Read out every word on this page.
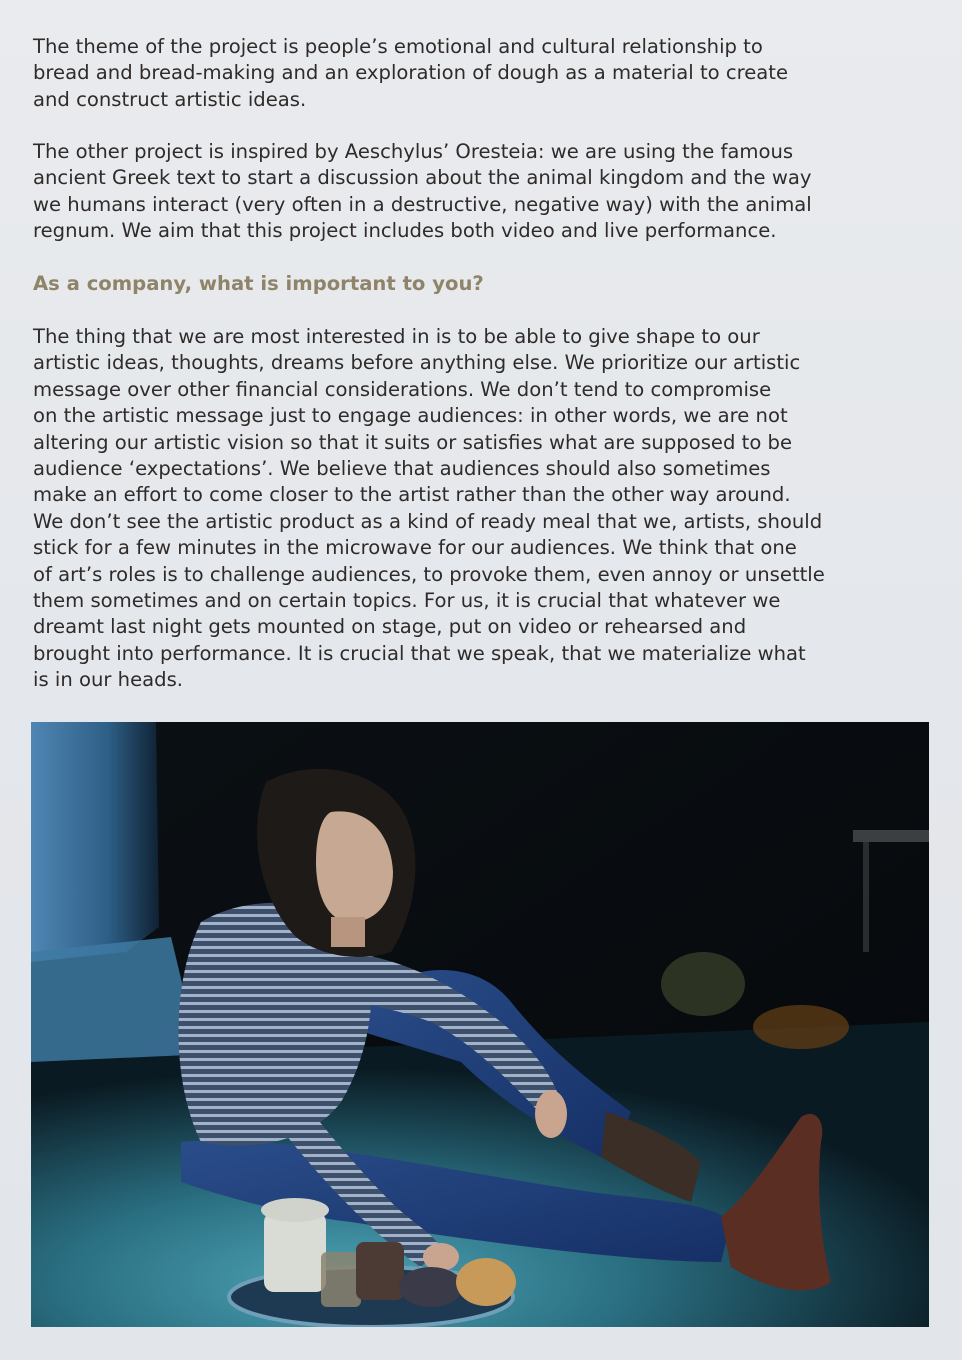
The theme of the project is people’s emotional and cultural relationship to
bread and bread-making and an exploration of dough as a material to create
and construct artistic ideas.

The other project is inspired by Aeschylus’ Oresteia: we are using the famous
ancient Greek text to start a discussion about the animal kingdom and the way
we humans interact (very often in a destructive, negative way) with the animal
regnum. We aim that this project includes both video and live performance.

As a company, what is important to you?

The thing that we are most interested in is to be able to give shape to our
artistic ideas, thoughts, dreams before anything else. We prioritize our artistic
message over other financial considerations. We don’t tend to compromise
on the artistic message just to engage audiences: in other words, we are not
altering our artistic vision so that it suits or satisfies what are supposed to be
audience ‘expectations’. We believe that audiences should also sometimes
make an effort to come closer to the artist rather than the other way around.
We don’t see the artistic product as a kind of ready meal that we, artists, should
stick for a few minutes in the microwave for our audiences. We think that one
of art’s roles is to challenge audiences, to provoke them, even annoy or unsettle
them sometimes and on certain topics. For us, it is crucial that whatever we
dreamt last night gets mounted on stage, put on video or rehearsed and
brought into performance. It is crucial that we speak, that we materialize what
is in our heads.
